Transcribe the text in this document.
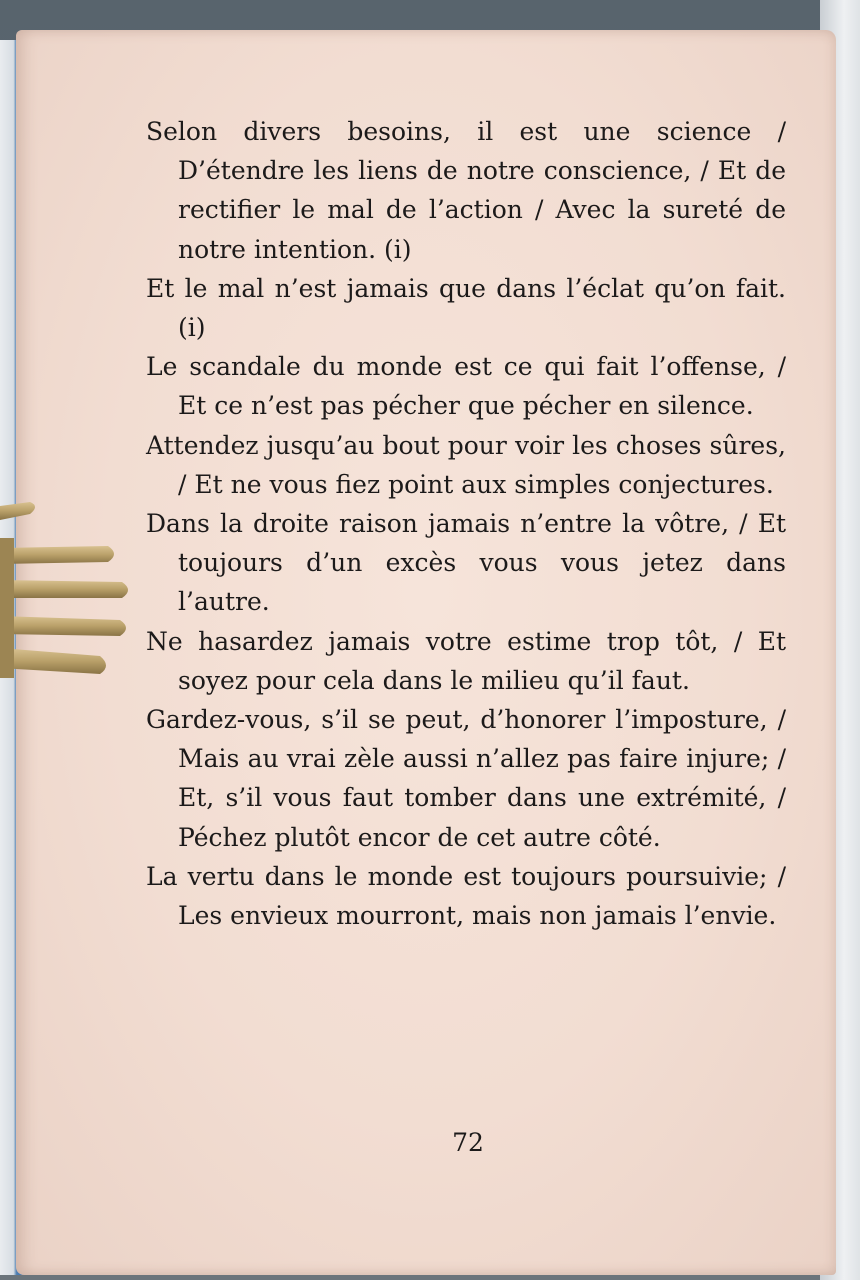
Selon divers besoins, il est une science / D’étendre les liens de notre conscience, / Et de rectifier le mal de l’action / Avec la sureté de notre intention. (i)

Et le mal n’est jamais que dans l’éclat qu’on fait. (i)

Le scandale du monde est ce qui fait l’offense, / Et ce n’est pas pécher que pécher en silence.

Attendez jusqu’au bout pour voir les choses sûres, / Et ne vous fiez point aux simples conjectures.

Dans la droite raison jamais n’entre la vôtre, / Et toujours d’un excès vous vous jetez dans l’autre.

Ne hasardez jamais votre estime trop tôt, / Et soyez pour cela dans le milieu qu’il faut.

Gardez-vous, s’il se peut, d’honorer l’imposture, / Mais au vrai zèle aussi n’allez pas faire injure; / Et, s’il vous faut tomber dans une extrémité, / Péchez plutôt encor de cet autre côté.

La vertu dans le monde est toujours poursuivie; / Les envieux mourront, mais non jamais l’envie.

72
